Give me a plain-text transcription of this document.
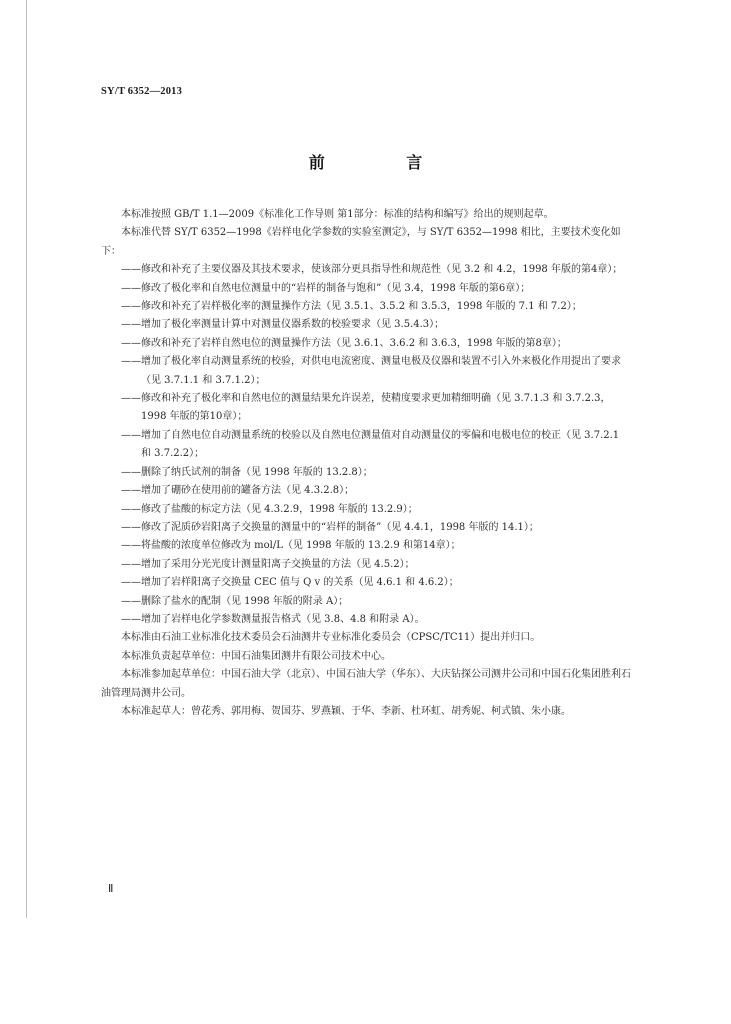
SY/T 6352—2013
前 言

本标准按照 GB/T 1.1—2009《标准化工作导则 第1部分：标准的结构和编写》给出的规则起草。

本标准代替 SY/T 6352—1998《岩样电化学参数的实验室测定》，与 SY/T 6352—1998 相比，主要技术变化如下：

——修改和补充了主要仪器及其技术要求，使该部分更具指导性和规范性（见 3.2 和 4.2，1998 年版的第4章）；

——修改了极化率和自然电位测量中的“岩样的制备与饱和”（见 3.4，1998 年版的第6章）；

——修改和补充了岩样极化率的测量操作方法（见 3.5.1、3.5.2 和 3.5.3，1998 年版的 7.1 和 7.2）；

——增加了极化率测量计算中对测量仪器系数的校验要求（见 3.5.4.3）；

——修改和补充了岩样自然电位的测量操作方法（见 3.6.1、3.6.2 和 3.6.3，1998 年版的第8章）；

——增加了极化率自动测量系统的校验，对供电电流密度、测量电极及仪器和装置不引入外来极化作用提出了要求（见 3.7.1.1 和 3.7.1.2）；

——修改和补充了极化率和自然电位的测量结果允许误差，使精度要求更加精细明确（见 3.7.1.3 和 3.7.2.3，1998 年版的第10章）；

——增加了自然电位自动测量系统的校验以及自然电位测量值对自动测量仪的零偏和电极电位的校正（见 3.7.2.1 和 3.7.2.2）；

——删除了纳氏试剂的制备（见 1998 年版的 13.2.8）；

——增加了硼砂在使用前的罐备方法（见 4.3.2.8）；

——修改了盐酸的标定方法（见 4.3.2.9，1998 年版的 13.2.9）；

——修改了泥质砂岩阳离子交换量的测量中的“岩样的制备”（见 4.4.1，1998 年版的 14.1）；

——将盐酸的浓度单位修改为 mol/L（见 1998 年版的 13.2.9 和第14章）；

——增加了采用分光光度计测量阳离子交换量的方法（见 4.5.2）；

——增加了岩样阳离子交换量 CEC 值与 Q v 的关系（见 4.6.1 和 4.6.2）；

——删除了盐水的配制（见 1998 年版的附录 A）；

——增加了岩样电化学参数测量报告格式（见 3.8、4.8 和附录 A）。

本标准由石油工业标准化技术委员会石油测井专业标准化委员会（CPSC/TC11）提出并归口。

本标准负责起草单位：中国石油集团测井有限公司技术中心。

本标准参加起草单位：中国石油大学（北京）、中国石油大学（华东）、大庆钻探公司测井公司和中国石化集团胜利石油管理局测井公司。

本标准起草人：曾花秀、郭用梅、贺国芬、罗燕颖、于华、李新、杜环虹、胡秀妮、柯式镇、朱小康。

Ⅱ
